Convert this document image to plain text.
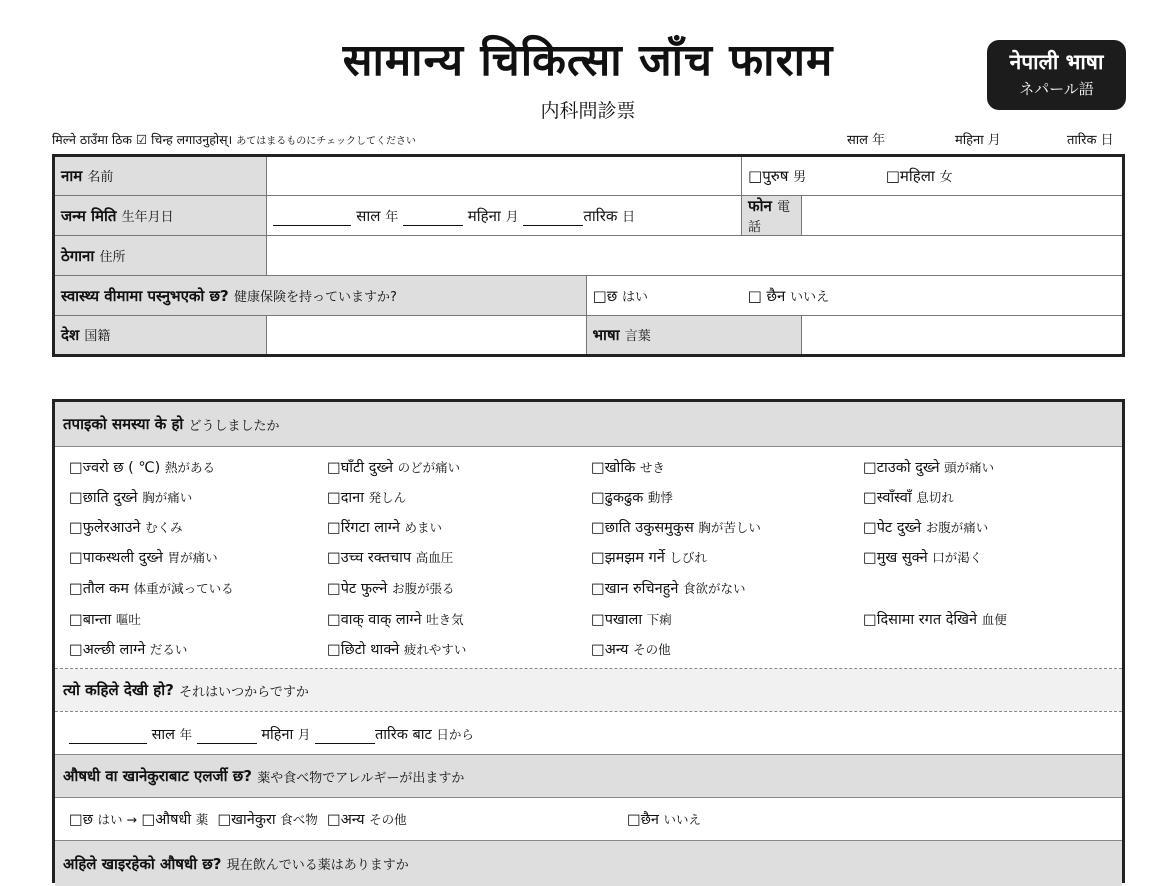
सामान्य चिकित्सा जाँच फाराम
内科問診票
नेपाली भाषा
ネパール語
मिल्ने ठाउँमा ठिक ☑ चिन्ह लगाउनुहोस्। あてはまるものにチェックしてください	साल 年	महिना 月	तारिक 日
नाम 名前			□पुरुष 男 □महिला 女	
जन्म मिति 生年月日	साल 年 महिना 月 तारिक 日		फोन 電話	
ठेगाना 住所				
स्वास्थ्य वीमामा पस्नुभएको छ? 健康保険を持っていますか?		□छ はい □ छैन いいえ		
देश 国籍		भाषा 言葉		
तपाइको समस्या के हो
どうしましたか
□ज्वरो छ ( ℃) 熱がある	□घाँटी दुख्ने のどが痛い	□खोकि せき	□टाउको दुख्ने 頭が痛い
□छाति दुख्ने 胸が痛い	□दाना 発しん	□ढुकढुक 動悸	□स्वाँस्वाँ 息切れ
□फुलेरआउने むくみ	□रिंगटा लाग्ने めまい	□छाति उकुसमुकुस 胸が苦しい	□पेट दुख्ने お腹が痛い
□पाकस्थली दुख्ने 胃が痛い	□उच्च रक्तचाप 高血圧	□झमझम गर्ने しびれ	□मुख सुक्ने 口が渇く
□तौल कम 体重が減っている	□पेट फुल्ने お腹が張る	□खान रुचिनहुने 食欲がない
□बान्ता 嘔吐	□वाक् वाक् लाग्ने 吐き気	□पखाला 下痢	□दिसामा रगत देखिने 血便
□अल्छी लाग्ने だるい	□छिटो थाक्ने 疲れやすい	□अन्य その他
त्यो कहिले देखी हो?
それはいつからですか
साल 年	महिना 月	तारिक बाट 日から
औषधी वा खानेकुराबाट एलर्जी छ?
薬や食べ物でアレルギーが出ますか
□छ はい → □औषधी 薬 □खानेकुरा 食べ物 □अन्य その他	□छैन いいえ
अहिले खाइरहेको औषधी छ?
現在飲んでいる薬はありますか
